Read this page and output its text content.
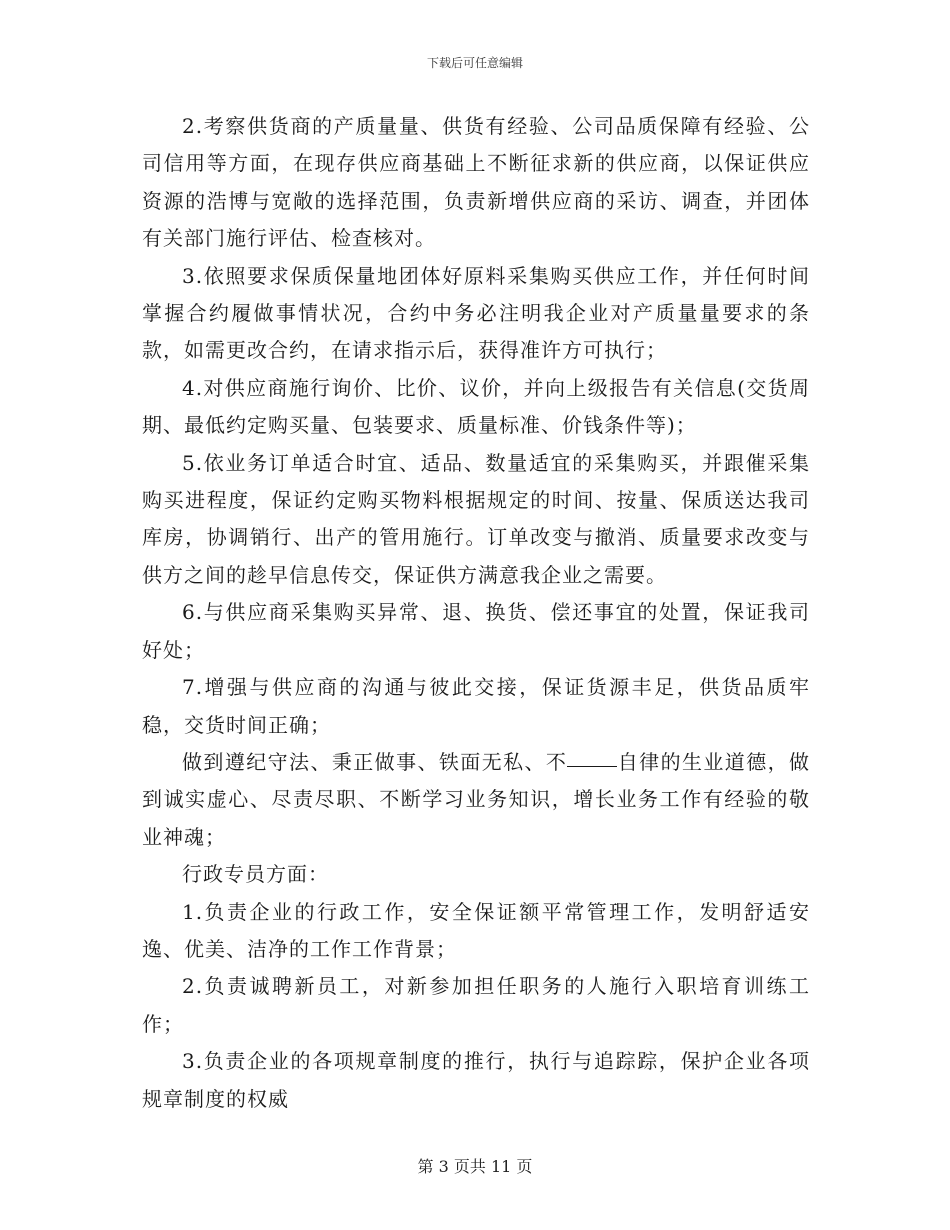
下载后可任意编辑

2.考察供货商的产质量量、供货有经验、公司品质保障有经验、公司信用等方面，在现存供应商基础上不断征求新的供应商，以保证供应资源的浩博与宽敞的选择范围，负责新增供应商的采访、调查，并团体有关部门施行评估、检查核对。

3.依照要求保质保量地团体好原料采集购买供应工作，并任何时间掌握合约履做事情状况，合约中务必注明我企业对产质量量要求的条款，如需更改合约，在请求指示后，获得准许方可执行；

4.对供应商施行询价、比价、议价，并向上级报告有关信息(交货周期、最低约定购买量、包装要求、质量标准、价钱条件等)；

5.依业务订单适合时宜、适品、数量适宜的采集购买，并跟催采集购买进程度，保证约定购买物料根据规定的时间、按量、保质送达我司库房，协调销行、出产的管用施行。订单改变与撤消、质量要求改变与供方之间的趁早信息传交，保证供方满意我企业之需要。

6.与供应商采集购买异常、退、换货、偿还事宜的处置，保证我司好处；

7.增强与供应商的沟通与彼此交接，保证货源丰足，供货品质牢稳，交货时间正确；

做到遵纪守法、秉正做事、铁面无私、不	自律的生业道德，做到诚实虚心、尽责尽职、不断学习业务知识，增长业务工作有经验的敬业神魂；

行政专员方面：

1.负责企业的行政工作，安全保证额平常管理工作，发明舒适安逸、优美、洁净的工作工作背景；

2.负责诚聘新员工，对新参加担任职务的人施行入职培育训练工作；

3.负责企业的各项规章制度的推行，执行与追踪踪，保护企业各项规章制度的权威

第 3 页共 11 页
